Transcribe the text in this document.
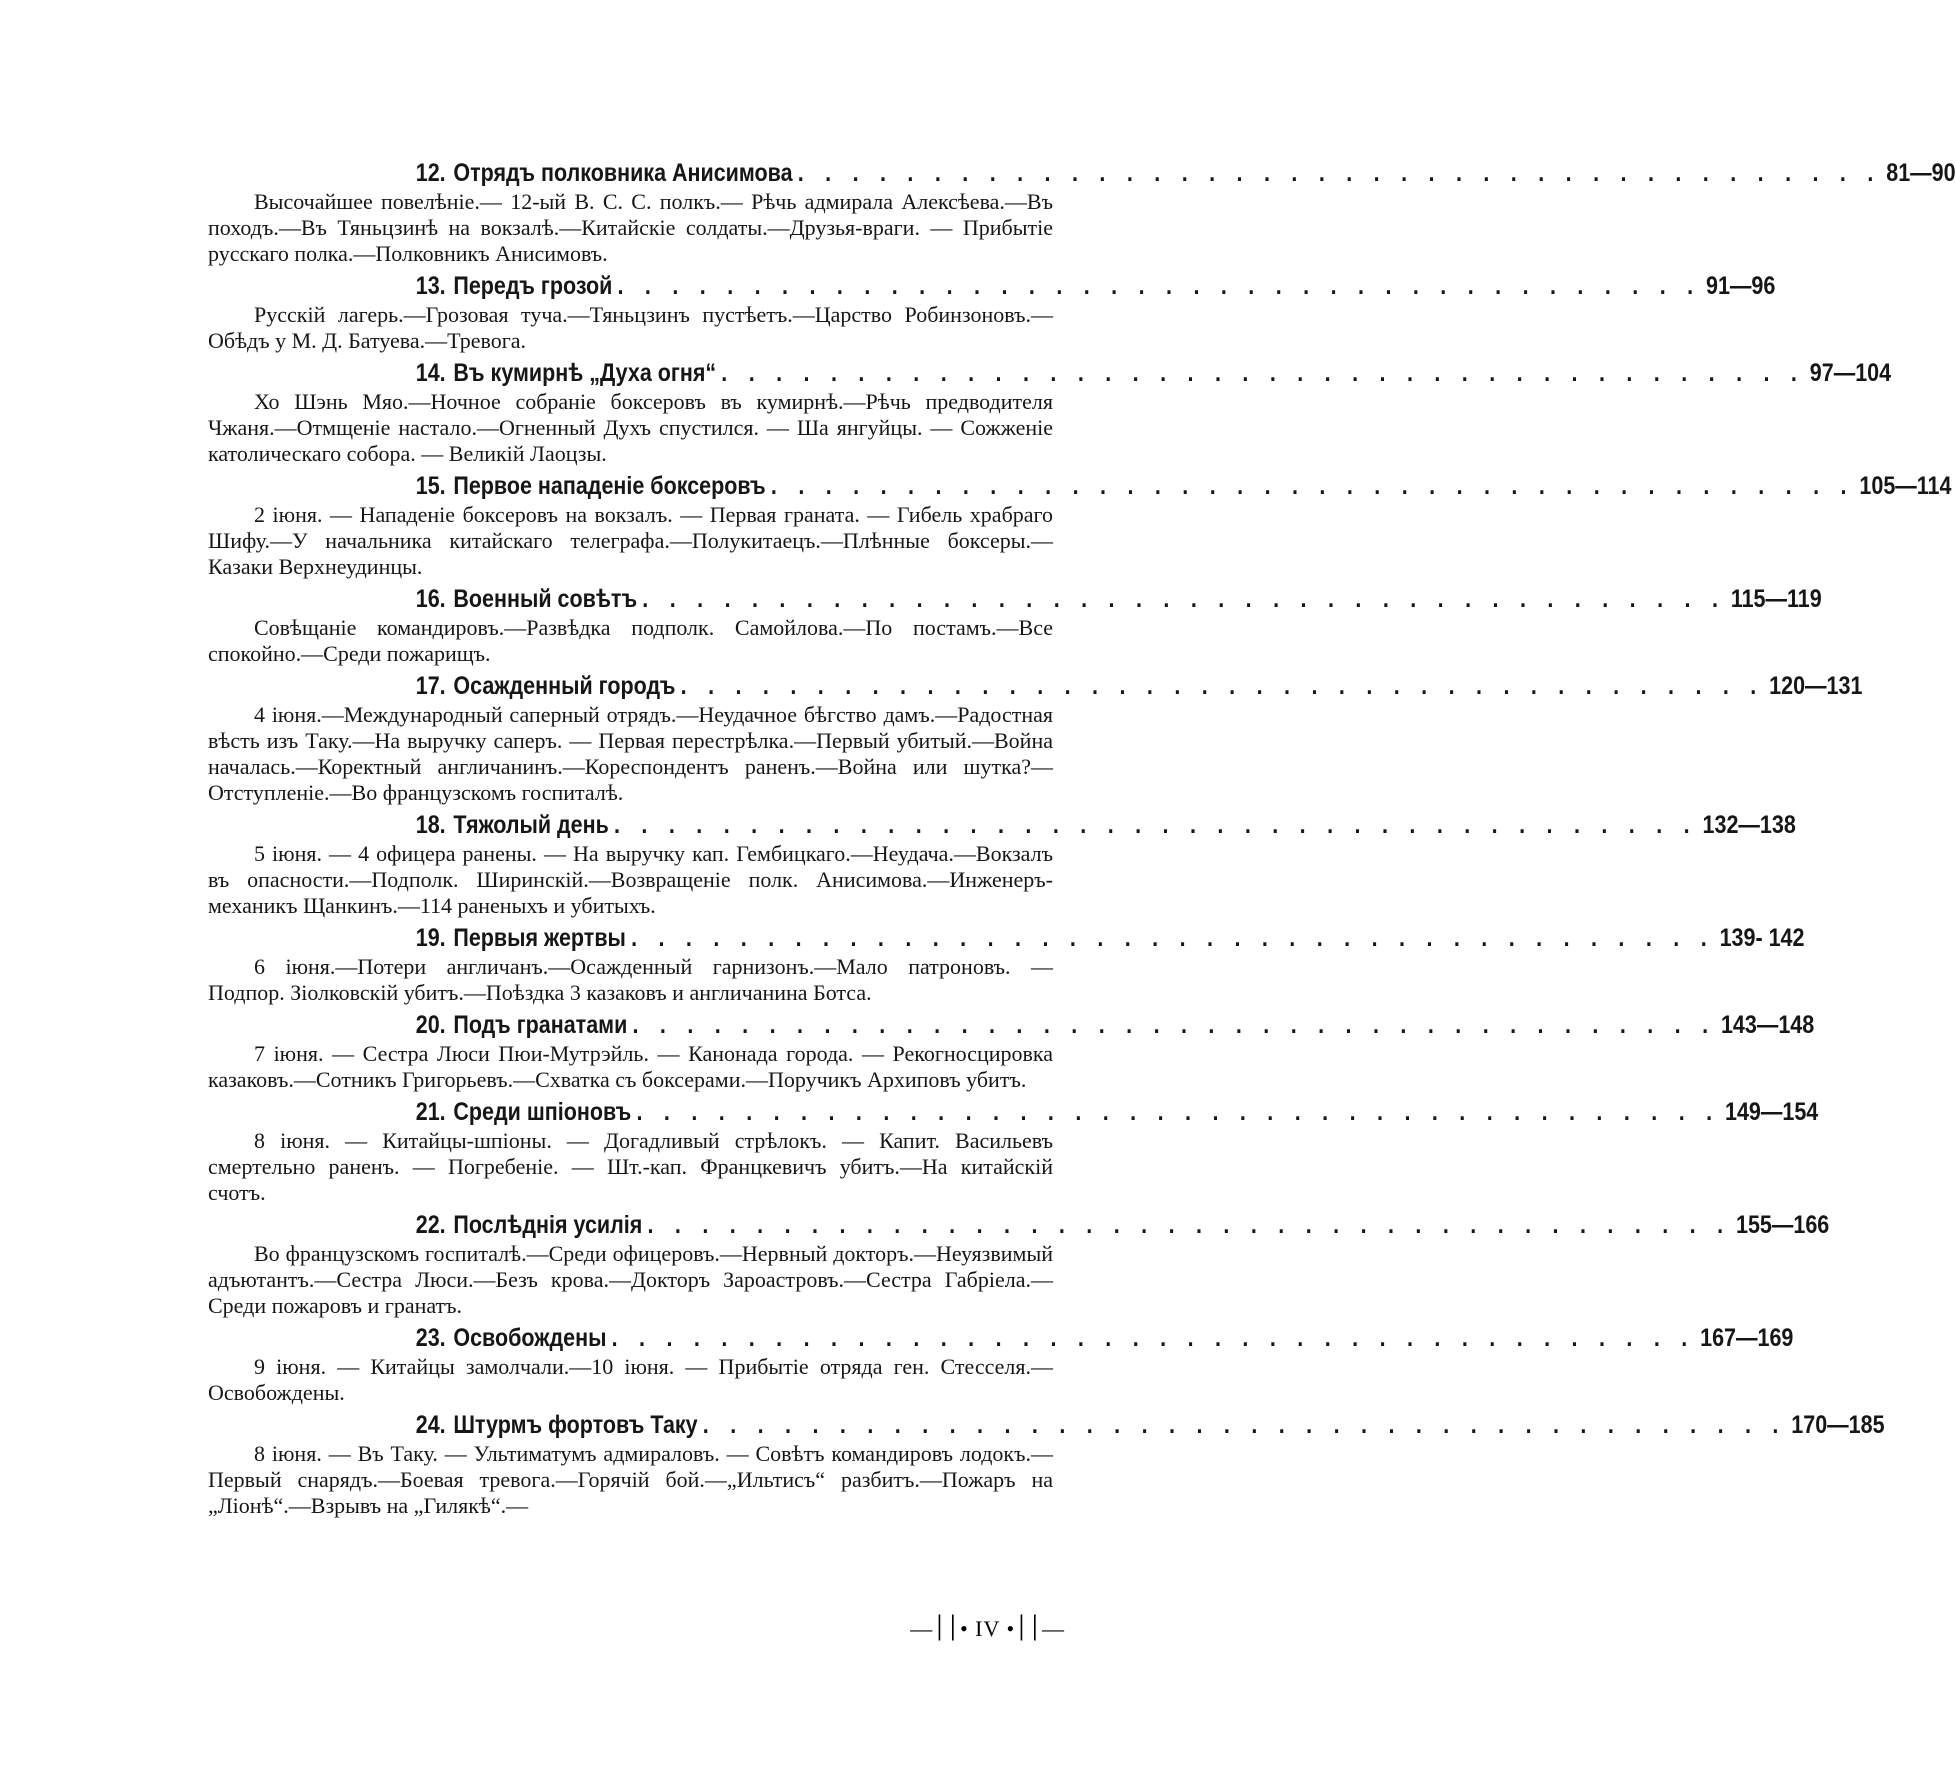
12. Отрядъ полковника Анисимова . . . . . . . . . . . . . . . . . . . . . . . . . . . . . . . . . . . . . . . . 81—90

Высочайшее повелѣніе.— 12-ый В. С. С. полкъ.— Рѣчь адмирала Алексѣева.—Въ походъ.—Въ Тяньцзинѣ на вокзалѣ.—Китайскіе солдаты.—Друзья-враги. — Прибытіе русскаго полка.—Полковникъ Анисимовъ.

13. Передъ грозой . . . . . . . . . . . . . . . . . . . . . . . . . . . . . . . . . . . . . . . . 91—96

Русскій лагерь.—Грозовая туча.—Тяньцзинъ пустѣетъ.—Царство Робинзоновъ.—Обѣдъ у М. Д. Батуева.—Тревога.

14. Въ кумирнѣ „Духа огня“ . . . . . . . . . . . . . . . . . . . . . . . . . . . . . . . . . . . . . . . . 97—104

Хо Шэнь Мяо.—Ночное собраніе боксеровъ въ кумирнѣ.—Рѣчь предводителя Чжаня.—Отмщеніе настало.—Огненный Духъ спустился. — Ша янгуйцы. — Сожженіе католическаго собора. — Великій Лаоцзы.

15. Первое нападеніе боксеровъ . . . . . . . . . . . . . . . . . . . . . . . . . . . . . . . . . . . . . . . . 105—114

2 іюня. — Нападеніе боксеровъ на вокзалъ. — Первая граната. — Гибель храбраго Шифу.—У начальника китайскаго телеграфа.—Полукитаецъ.—Плѣнные боксеры.—Казаки Верхнеудинцы.

16. Военный совѣтъ . . . . . . . . . . . . . . . . . . . . . . . . . . . . . . . . . . . . . . . . 115—119

Совѣщаніе командировъ.—Развѣдка подполк. Самойлова.—По постамъ.—Все спокойно.—Среди пожарищъ.

17. Осажденный городъ . . . . . . . . . . . . . . . . . . . . . . . . . . . . . . . . . . . . . . . . 120—131

4 іюня.—Международный саперный отрядъ.—Неудачное бѣгство дамъ.—Радостная вѣсть изъ Таку.—На выручку саперъ. — Первая перестрѣлка.—Первый убитый.—Война началась.—Коректный англичанинъ.—Кореспондентъ раненъ.—Война или шутка?—Отступленіе.—Во французскомъ госпиталѣ.

18. Тяжолый день . . . . . . . . . . . . . . . . . . . . . . . . . . . . . . . . . . . . . . . . 132—138

5 іюня. — 4 офицера ранены. — На выручку кап. Гембицкаго.—Неудача.—Вокзалъ въ опасности.—Подполк. Ширинскій.—Возвращеніе полк. Анисимова.—Инженеръ-механикъ Щанкинъ.—114 раненыхъ и убитыхъ.

19. Первыя жертвы . . . . . . . . . . . . . . . . . . . . . . . . . . . . . . . . . . . . . . . . 139- 142

6 іюня.—Потери англичанъ.—Осажденный гарнизонъ.—Мало патроновъ. — Подпор. Зіолковскій убитъ.—Поѣздка 3 казаковъ и англичанина Ботса.

20. Подъ гранатами . . . . . . . . . . . . . . . . . . . . . . . . . . . . . . . . . . . . . . . . 143—148

7 іюня. — Сестра Люси Пюи-Мутрэйль. — Канонада города. — Рекогносцировка казаковъ.—Сотникъ Григорьевъ.—Схватка съ боксерами.—Поручикъ Архиповъ убитъ.

21. Среди шпіоновъ . . . . . . . . . . . . . . . . . . . . . . . . . . . . . . . . . . . . . . . . 149—154

8 іюня. — Китайцы-шпіоны. — Догадливый стрѣлокъ. — Капит. Васильевъ смертельно раненъ. — Погребеніе. — Шт.-кап. Францкевичъ убитъ.—На китайскій счотъ.

22. Послѣднія усилія . . . . . . . . . . . . . . . . . . . . . . . . . . . . . . . . . . . . . . . . 155—166

Во французскомъ госпиталѣ.—Среди офицеровъ.—Нервный докторъ.—Неуязвимый адъютантъ.—Сестра Люси.—Безъ крова.—Докторъ Зароастровъ.—Сестра Габріела.—Среди пожаровъ и гранатъ.

23. Освобождены . . . . . . . . . . . . . . . . . . . . . . . . . . . . . . . . . . . . . . . . 167—169

9 іюня. — Китайцы замолчали.—10 іюня. — Прибытіе отряда ген. Стесселя.—Освобождены.

24. Штурмъ фортовъ Таку . . . . . . . . . . . . . . . . . . . . . . . . . . . . . . . . . . . . . . . . 170—185

8 іюня. — Въ Таку. — Ультиматумъ адмираловъ. — Совѣтъ командировъ лодокъ.—Первый снарядъ.—Боевая тревога.—Горячій бой.—„Ильтисъ“ разбитъ.—Пожаръ на „Ліонѣ“.—Взрывъ на „Гилякѣ“.—

—׀׀• IV •׀׀—
